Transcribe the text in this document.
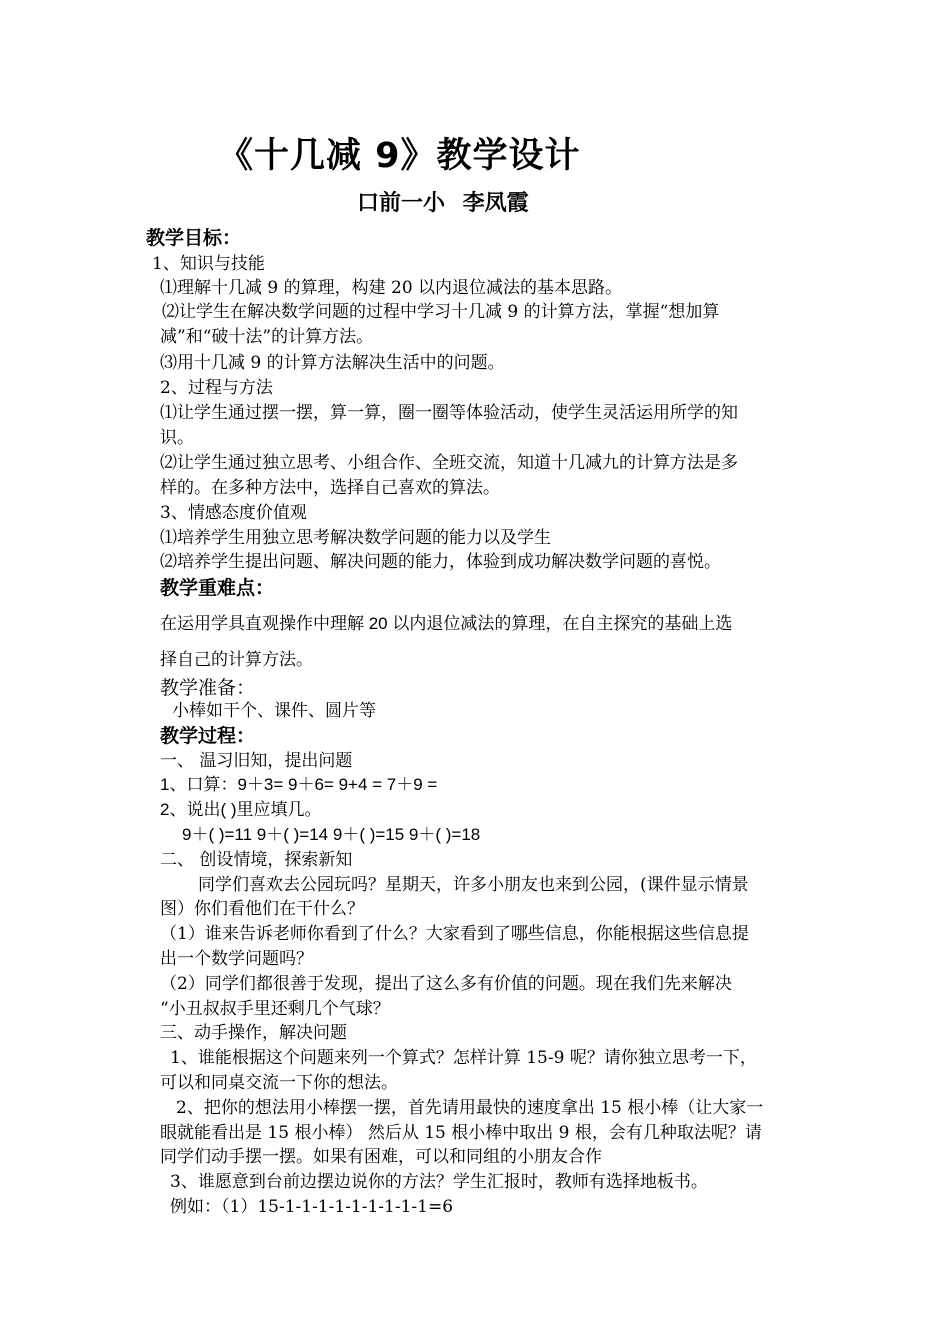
《十几减 9》教学设计
口前一小 李凤霞
教学目标：
1、知识与技能
⑴理解十几减 9 的算理，构建 20 以内退位减法的基本思路。
⑵让学生在解决数学问题的过程中学习十几减 9 的计算方法，掌握“想加算
减”和“破十法”的计算方法。
⑶用十几减 9 的计算方法解决生活中的问题。
2、过程与方法
⑴让学生通过摆一摆，算一算，圈一圈等体验活动，使学生灵活运用所学的知
识。
⑵让学生通过独立思考、小组合作、全班交流，知道十几减九的计算方法是多
样的。在多种方法中，选择自己喜欢的算法。
3、情感态度价值观
⑴培养学生用独立思考解决数学问题的能力以及学生
⑵培养学生提出问题、解决问题的能力，体验到成功解决数学问题的喜悦。
教学重难点：
在运用学具直观操作中理解 20 以内退位减法的算理，在自主探究的基础上选
择自己的计算方法。
教学准备：
小棒如干个、课件、圆片等
教学过程：
一、 温习旧知，提出问题
1、口算：9＋3= 9＋6= 9+4 = 7＋9 =
2、说出( )里应填几。
9＋( )=11 9＋( )=14 9＋( )=15 9＋( )=18
二、 创设情境，探索新知
同学们喜欢去公园玩吗？星期天，许多小朋友也来到公园，(课件显示情景
图）你们看他们在干什么？
（1）谁来告诉老师你看到了什么？大家看到了哪些信息，你能根据这些信息提
出一个数学问题吗？
（2）同学们都很善于发现，提出了这么多有价值的问题。现在我们先来解决
“小丑叔叔手里还剩几个气球？
三、动手操作，解决问题
1、谁能根据这个问题来列一个算式？怎样计算 15-9 呢？请你独立思考一下，
可以和同桌交流一下你的想法。
2、把你的想法用小棒摆一摆，首先请用最快的速度拿出 15 根小棒（让大家一
眼就能看出是 15 根小棒） 然后从 15 根小棒中取出 9 根，会有几种取法呢？请
同学们动手摆一摆。如果有困难，可以和同组的小朋友合作
3、谁愿意到台前边摆边说你的方法？学生汇报时，教师有选择地板书。
例如：（1）15-1-1-1-1-1-1-1-1-1=6
